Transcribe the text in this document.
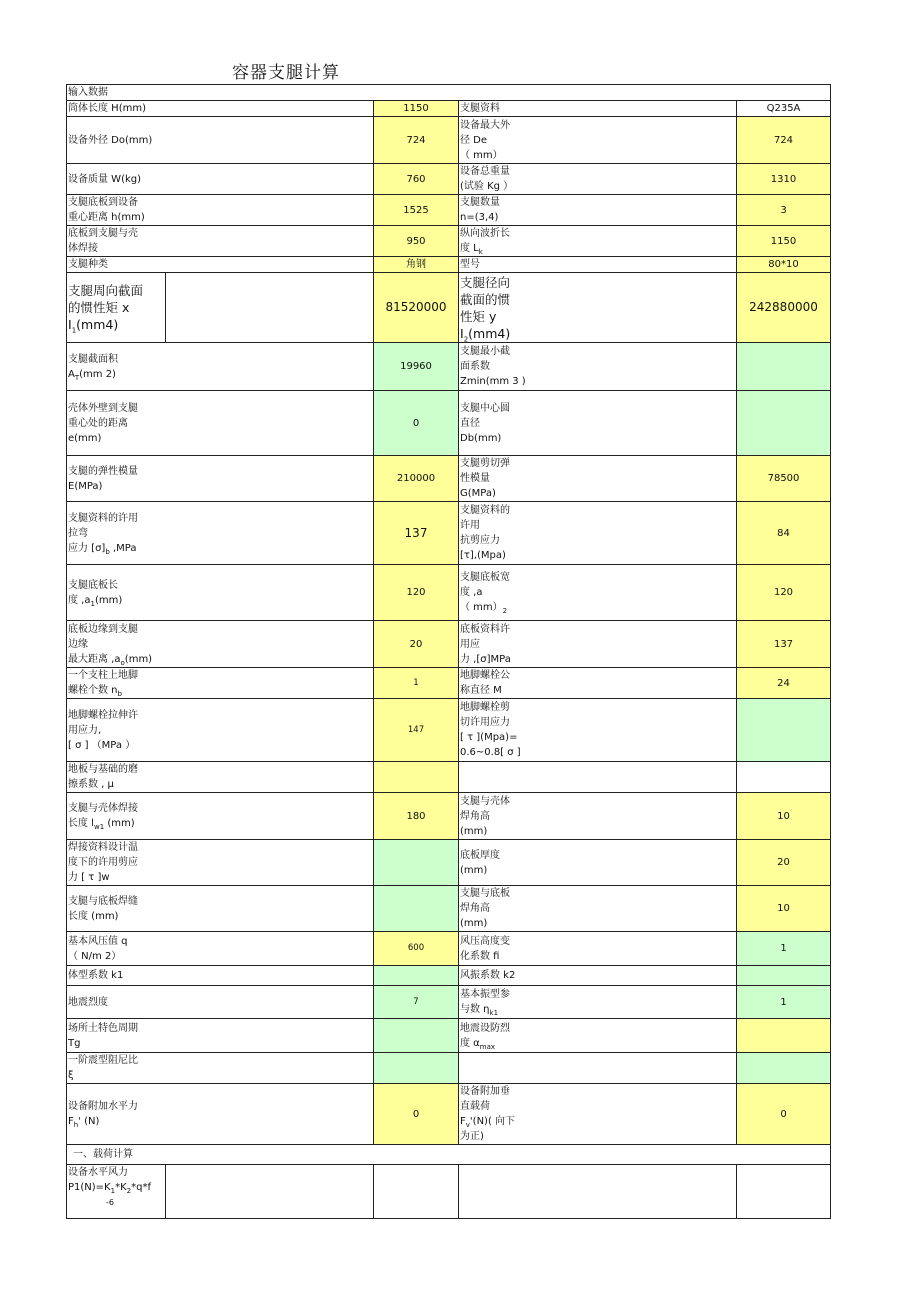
容器支腿计算
输入数据				

筒体长度 H(mm)		1150	支腿资料	Q235A

设备外径 Do(mm)		724	设备最大外
径 De
（ mm）	724

设备质量 W(kg)		760	设备总重量
(试验 Kg ）	1310

支腿底板到设备
重心距离 h(mm)		1525	支腿数量
n=(3,4)	3

底板到支腿与壳
体焊接		950	纵向波折长
度 $L_k$	1150

支腿种类		角钢	型号	80*10

支腿周向截面
的惯性矩 x
$I_1(mm4)$		81520000	支腿径向
截面的惯
性矩 y
$I_2(mm4)$	242880000

支腿截面积
$A_T(mm$ 2)		19960	支腿最小截
面系数
Zmin(mm 3 )	

壳体外壁到支腿
重心处的距离
e(mm)		0	支腿中心圆
直径
Db(mm)	

支腿的弹性模量
E(MPa)		210000	支腿剪切弹
性模量
G(MPa)	78500

支腿资料的许用
拉弯
应力 $[\sigma]_b$ ,MPa		137	支腿资料的
许用
抗剪应力
[τ],(Mpa)	84

支腿底板长
度 $,a_1(mm)$		120	支腿底板宽
度 ,a
（ $mm)_2$	120

底板边缘到支腿
边缘
最大距离 $,a_o(mm)$		20	底板资料许
用应
力 ,[σ]MPa	137

一个支柱上地脚
螺栓个数 $n_b$		1	地脚螺栓公
称直径 M	24

地脚螺栓拉伸许
用应力,
[ σ ] （MPa ）		147	地脚螺栓剪
切许用应力
[ τ ](Mpa)=
0.6~0.8[ σ ]	

地板与基础的磨
擦系数 , μ				

支腿与壳体焊接
长度 $l_{w1}$ (mm)		180	支腿与壳体
焊角高
(mm)	10

焊接资料设计温
度下的许用剪应
力 [ τ ]w			底板厚度
(mm)	20

支腿与底板焊缝
长度 (mm)			支腿与底板
焊角高
(mm)	10

基本风压值 q
（ N/m 2）		600	风压高度变
化系数 fi	1

体型系数 k1			风振系数 k2	

地震烈度		7	基本振型参
与数 $\eta_{k1}$	1

场所土特色周期
Tg			地震设防烈
度 $\alpha_{max}$

一阶震型阻尼比
ξ				

设备附加水平力
$F_h'$ (N)		0	设备附加垂
直载荷
$F_v'(N)$( 向下
为正)	0
一、载荷计算				

设备水平风力
$P1(N)=K_1*K_2*q*f$
-6				
